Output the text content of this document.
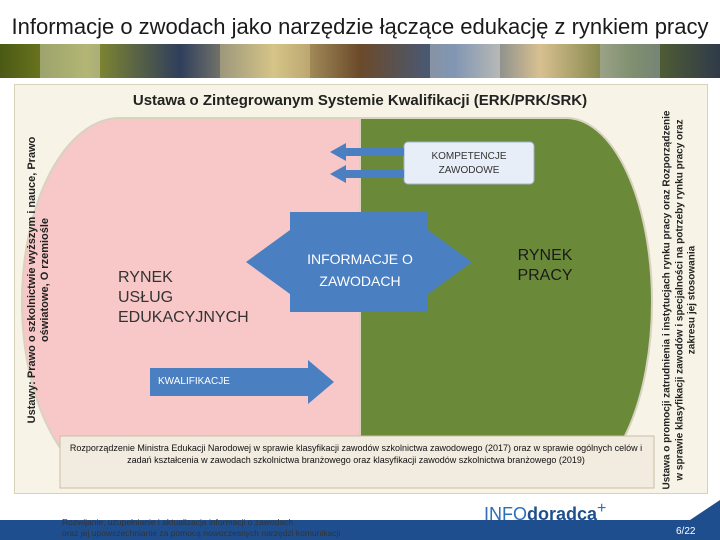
Informacje o zwodach jako narzędzie łączące edukację z rynkiem pracy
Ustawa o Zintegrowanym Systemie Kwalifikacji (ERK/PRK/SRK)
Ustawy: Prawo o szkolnictwie wyższym i nauce, Prawo oświatowe, O rzemiośle	Ustawa o promocji zatrudnienia i instytucjach rynku pracy oraz Rozporządzenie w sprawie klasyfikacji zawodów i specjalności na potrzeby rynku pracy oraz zakresu jej stosowania
KOMPETENCJE
ZAWODOWE
INFORMACJE O
ZAWODACH
RYNEK
USŁUG
EDUKACYJNYCH
RYNEK
PRACY
KWALIFIKACJE
Rozporządzenie Ministra Edukacji Narodowej w sprawie klasyfikacji zawodów szkolnictwa zawodowego (2017) oraz w sprawie ogólnych celów i zadań kształcenia w zawodach szkolnictwa branżowego oraz klasyfikacji zawodów szkolnictwa branżowego (2019)
Rozwijanie, uzupełnianie i aktualizacja informacji o zawodach
oraz jej upowszechnianie za pomocą nowoczesnych narzędzi komunikacji
INFOdoradca+
6/22
